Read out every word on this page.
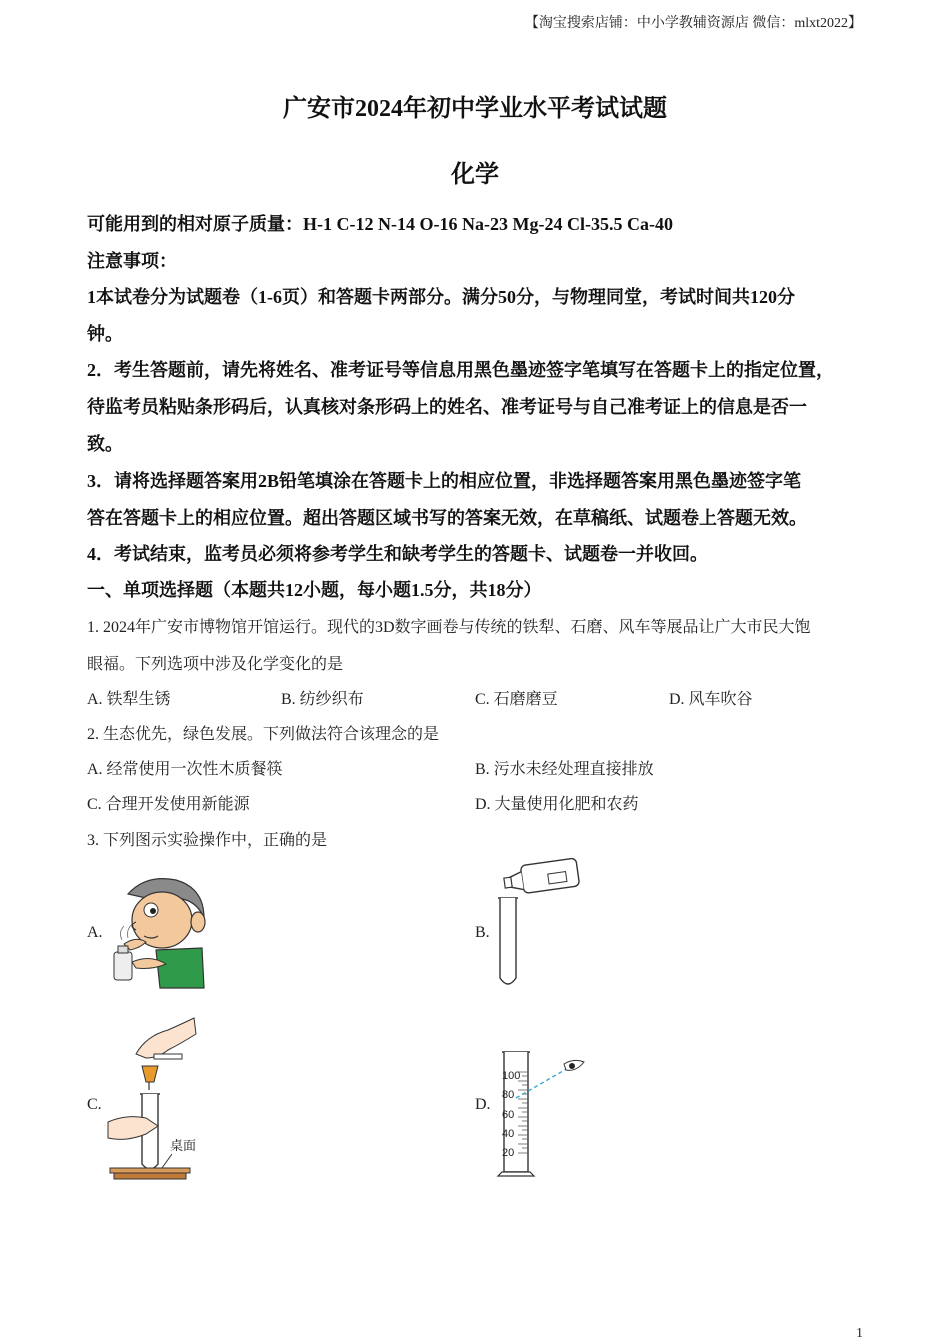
【淘宝搜索店铺：中小学教辅资源店 微信：mlxt2022】
广安市2024年初中学业水平考试试题
化学
可能用到的相对原子质量：H-1 C-12 N-14 O-16 Na-23 Mg-24 Cl-35.5 Ca-40
注意事项：
1本试卷分为试题卷（1-6页）和答题卡两部分。满分50分，与物理同堂，考试时间共120分
钟。
2．考生答题前，请先将姓名、准考证号等信息用黑色墨迹签字笔填写在答题卡上的指定位置，
待监考员粘贴条形码后，认真核对条形码上的姓名、准考证号与自己准考证上的信息是否一
致。
3．请将选择题答案用2B铅笔填涂在答题卡上的相应位置，非选择题答案用黑色墨迹签字笔
答在答题卡上的相应位置。超出答题区域书写的答案无效，在草稿纸、试题卷上答题无效。
4．考试结束，监考员必须将参考学生和缺考学生的答题卡、试题卷一并收回。
一、单项选择题（本题共12小题，每小题1.5分，共18分）
1. 2024年广安市博物馆开馆运行。现代的3D数字画卷与传统的铁犁、石磨、风车等展品让广大市民大饱
眼福。下列选项中涉及化学变化的是
A. 铁犁生锈	B. 纺纱织布	C. 石磨磨豆	D. 风车吹谷
2. 生态优先，绿色发展。下列做法符合该理念的是
A. 经常使用一次性木质餐筷	B. 污水未经处理直接排放
C. 合理开发使用新能源	D. 大量使用化肥和农药
3. 下列图示实验操作中，正确的是
A.	B.
C.	D.
桌面
100
80
60
40
20
1
